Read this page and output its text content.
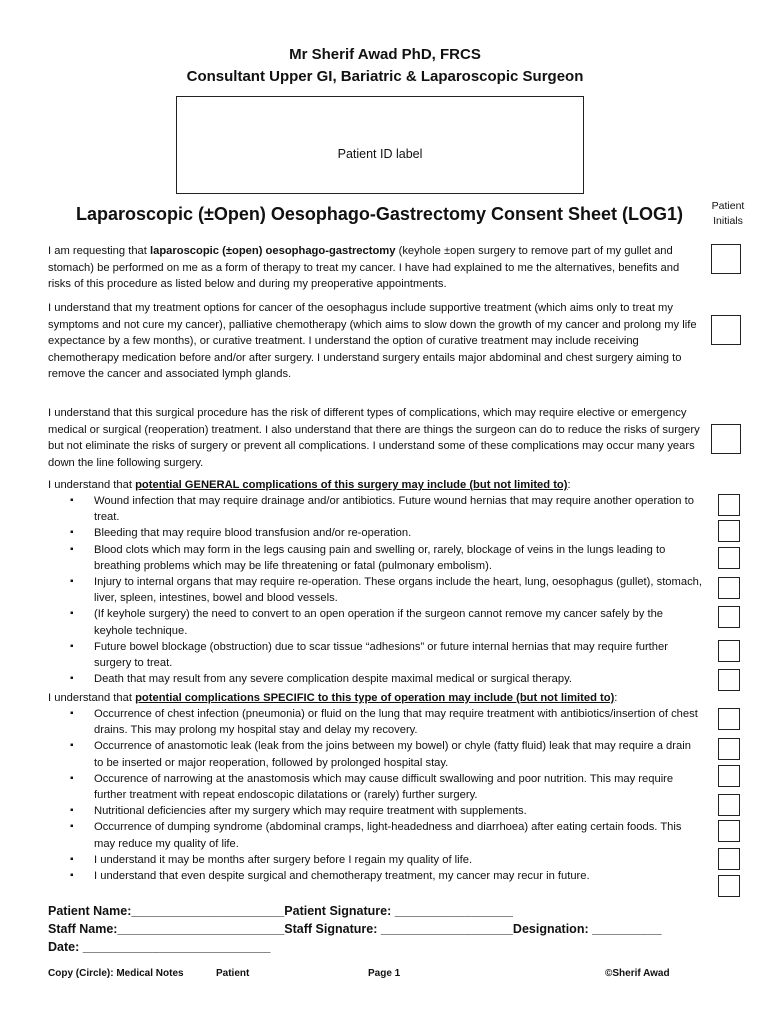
Mr Sherif Awad PhD, FRCS
Consultant Upper GI, Bariatric & Laparoscopic Surgeon
Patient ID label
Laparoscopic (±Open) Oesophago-Gastrectomy Consent Sheet (LOG1)	Patient
Initials

I am requesting that laparoscopic (±open) oesophago-gastrectomy (keyhole ±open surgery to remove part of my gullet and stomach) be performed on me as a form of therapy to treat my cancer. I have had explained to me the alternatives, benefits and risks of this procedure as listed below and during my preoperative appointments.

I understand that my treatment options for cancer of the oesophagus include supportive treatment (which aims only to treat my symptoms and not cure my cancer), palliative chemotherapy (which aims to slow down the growth of my cancer and prolong my life expectance by a few months), or curative treatment. I understand the option of curative treatment may include receiving chemotherapy medication before and/or after surgery. I understand surgery entails major abdominal and chest surgery aiming to remove the cancer and associated lymph glands.

I understand that this surgical procedure has the risk of different types of complications, which may require elective or emergency medical or surgical (reoperation) treatment. I also understand that there are things the surgeon can do to reduce the risks of surgery but not eliminate the risks of surgery or prevent all complications. I understand some of these complications may occur many years down the line following surgery.

I understand that potential GENERAL complications of this surgery may include (but not limited to):
▪ Wound infection that may require drainage and/or antibiotics. Future wound hernias that may require another operation to treat.
▪ Bleeding that may require blood transfusion and/or re-operation.
▪ Blood clots which may form in the legs causing pain and swelling or, rarely, blockage of veins in the lungs leading to breathing problems which may be life threatening or fatal (pulmonary embolism).
▪ Injury to internal organs that may require re-operation. These organs include the heart, lung, oesophagus (gullet), stomach, liver, spleen, intestines, bowel and blood vessels.
▪ (If keyhole surgery) the need to convert to an open operation if the surgeon cannot remove my cancer safely by the keyhole technique.
▪ Future bowel blockage (obstruction) due to scar tissue “adhesions” or future internal hernias that may require further surgery to treat.
▪ Death that may result from any severe complication despite maximal medical or surgical therapy.
I understand that potential complications SPECIFIC to this type of operation may include (but not limited to):
▪ Occurrence of chest infection (pneumonia) or fluid on the lung that may require treatment with antibiotics/insertion of chest drains. This may prolong my hospital stay and delay my recovery.
▪ Occurrence of anastomotic leak (leak from the joins between my bowel) or chyle (fatty fluid) leak that may require a drain to be inserted or major reoperation, followed by prolonged hospital stay.
▪ Occurence of narrowing at the anastomosis which may cause difficult swallowing and poor nutrition. This may require further treatment with repeat endoscopic dilatations or (rarely) further surgery.
▪ Nutritional deficiencies after my surgery which may require treatment with supplements.
▪ Occurrence of dumping syndrome (abdominal cramps, light-headedness and diarrhoea) after eating certain foods. This may reduce my quality of life.
▪ I understand it may be months after surgery before I regain my quality of life.
▪ I understand that even despite surgical and chemotherapy treatment, my cancer may recur in future.
Patient Name:______________________Patient Signature: _________________
Staff Name:________________________Staff Signature: ___________________Designation: __________
Date: ___________________________
Copy (Circle): Medical Notes	Patient	Page 1	©Sherif Awad
